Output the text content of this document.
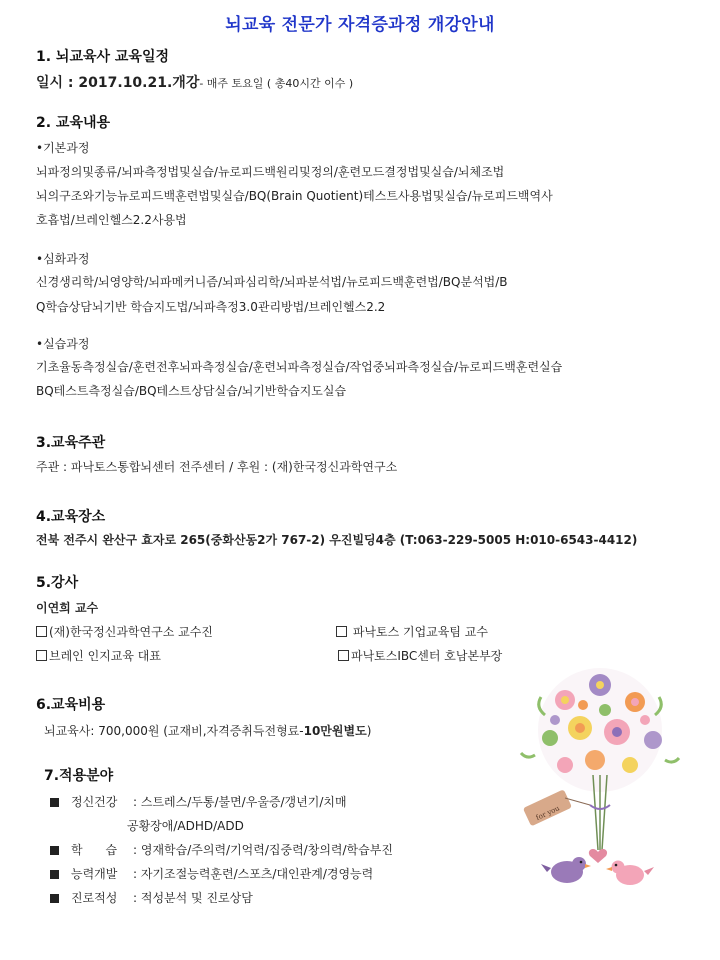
뇌교육 전문가 자격증과정 개강안내
1. 뇌교육사 교육일정
일시 : 2017.10.21.개강- 매주 토요일 ( 총40시간 이수 )
2. 교육내용
•기본과정
뇌파정의및종류/뇌파측정법및실습/뉴로피드백원리및정의/훈련모드결정법및실습/뇌체조법
뇌의구조와기능뉴로피드백훈련법및실습/BQ(Brain Quotient)테스트사용법및실습/뉴로피드백역사
호흡법/브레인헬스2.2사용법
•심화과정
신경생리학/뇌영양학/뇌파메커니즘/뇌파심리학/뇌파분석법/뉴로피드백훈련법/BQ분석법/B
Q학습상담뇌기반 학습지도법/뇌파측정3.0관리방법/브레인헬스2.2
•실습과정
기초율동측정실습/훈련전후뇌파측정실습/훈련뇌파측정실습/작업중뇌파측정실습/뉴로피드백훈련실습
BQ테스트측정실습/BQ테스트상담실습/뇌기반학습지도실습
3.교육주관
주관 : 파낙토스통합뇌센터 전주센터 / 후원 : (재)한국정신과학연구소
4.교육장소
전북 전주시 완산구 효자로 265(중화산동2가 767-2) 우진빌딩4층 (T:063-229-5005 H:010-6543-4412)
5.강사
이연희 교수
(재)한국정신과학연구소 교수진	파낙토스 기업교육팀 교수
브레인 인지교육 대표	파낙토스IBC센터 호남본부장
6.교육비용
뇌교육사: 700,000원 (교재비,자격증취득전형료-10만원별도)
7.적용분야
정신건강 : 스트레스/두통/불면/우울증/갱년기/치매
공황장애/ADHD/ADD
학      습 : 영재학습/주의력/기억력/집중력/창의력/학습부진
능력개발 : 자기조절능력훈련/스포츠/대인관계/경영능력
진로적성 : 적성분석 및 진로상담
for you
